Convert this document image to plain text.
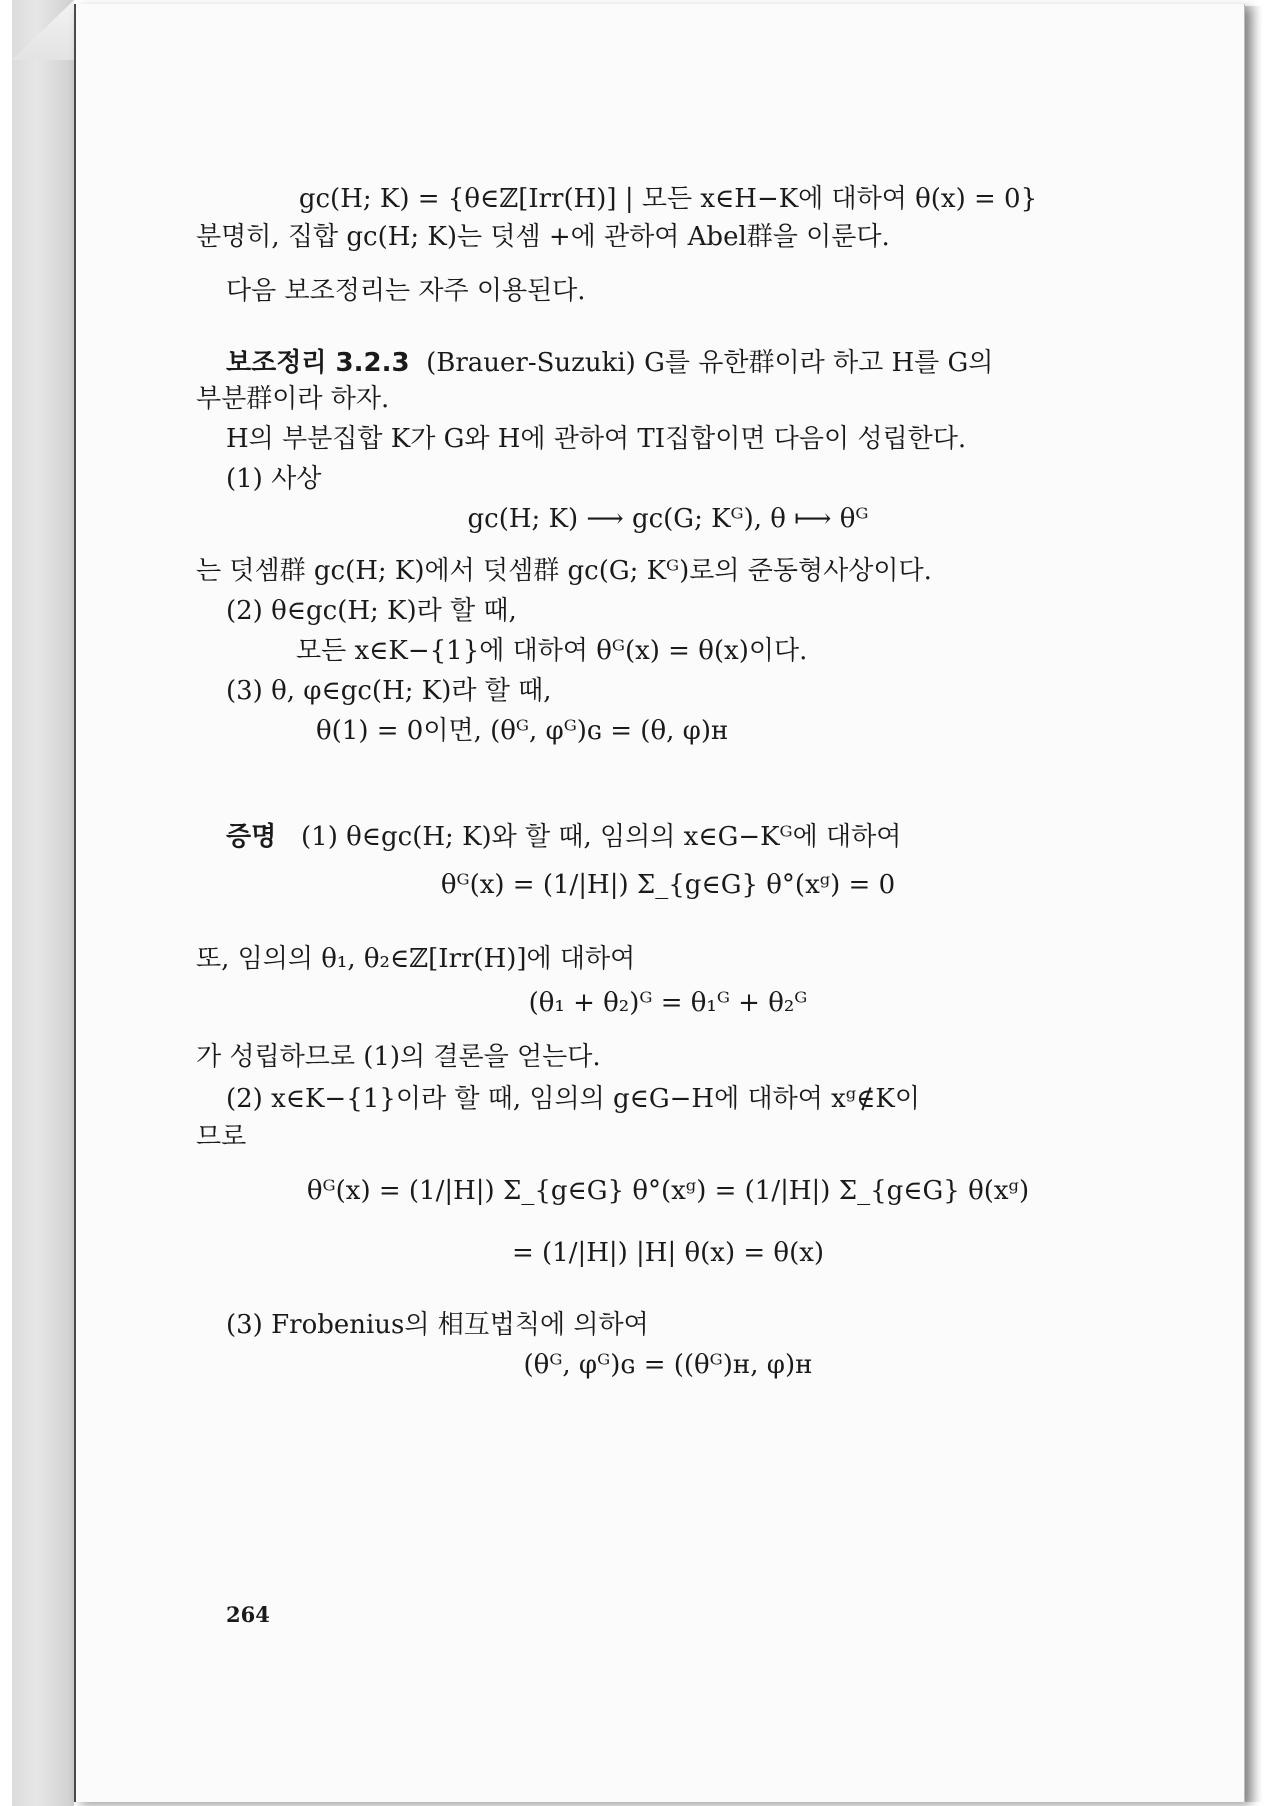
gc(H; K) = {θ∈ℤ[Irr(H)] | 모든 x∈H−K에 대하여 θ(x) = 0}
분명히, 집합 gc(H; K)는 덧셈 +에 관하여 Abel群을 이룬다.
다음 보조정리는 자주 이용된다.
보조정리 3.2.3 (Brauer-Suzuki) G를 유한群이라 하고 H를 G의
부분群이라 하자.
H의 부분집합 K가 G와 H에 관하여 TI집합이면 다음이 성립한다.
(1) 사상
gc(H; K) ⟶ gc(G; Kᴳ), θ ⟼ θᴳ
는 덧셈群 gc(H; K)에서 덧셈群 gc(G; Kᴳ)로의 준동형사상이다.
(2) θ∈gc(H; K)라 할 때,
모든 x∈K−{1}에 대하여 θᴳ(x) = θ(x)이다.
(3) θ, φ∈gc(H; K)라 할 때,
θ(1) = 0이면, (θᴳ, φᴳ)ɢ = (θ, φ)ʜ
증명 (1) θ∈gc(H; K)와 할 때, 임의의 x∈G−Kᴳ에 대하여
θᴳ(x) = (1/|H|) Σ_{g∈G} θ°(xᵍ) = 0
또, 임의의 θ₁, θ₂∈ℤ[Irr(H)]에 대하여
(θ₁ + θ₂)ᴳ = θ₁ᴳ + θ₂ᴳ
가 성립하므로 (1)의 결론을 얻는다.
(2) x∈K−{1}이라 할 때, 임의의 g∈G−H에 대하여 xᵍ∉K이
므로
θᴳ(x) = (1/|H|) Σ_{g∈G} θ°(xᵍ) = (1/|H|) Σ_{g∈G} θ(xᵍ)
= (1/|H|) |H| θ(x) = θ(x)
(3) Frobenius의 相互법칙에 의하여
(θᴳ, φᴳ)ɢ = ((θᴳ)ʜ, φ)ʜ
264
